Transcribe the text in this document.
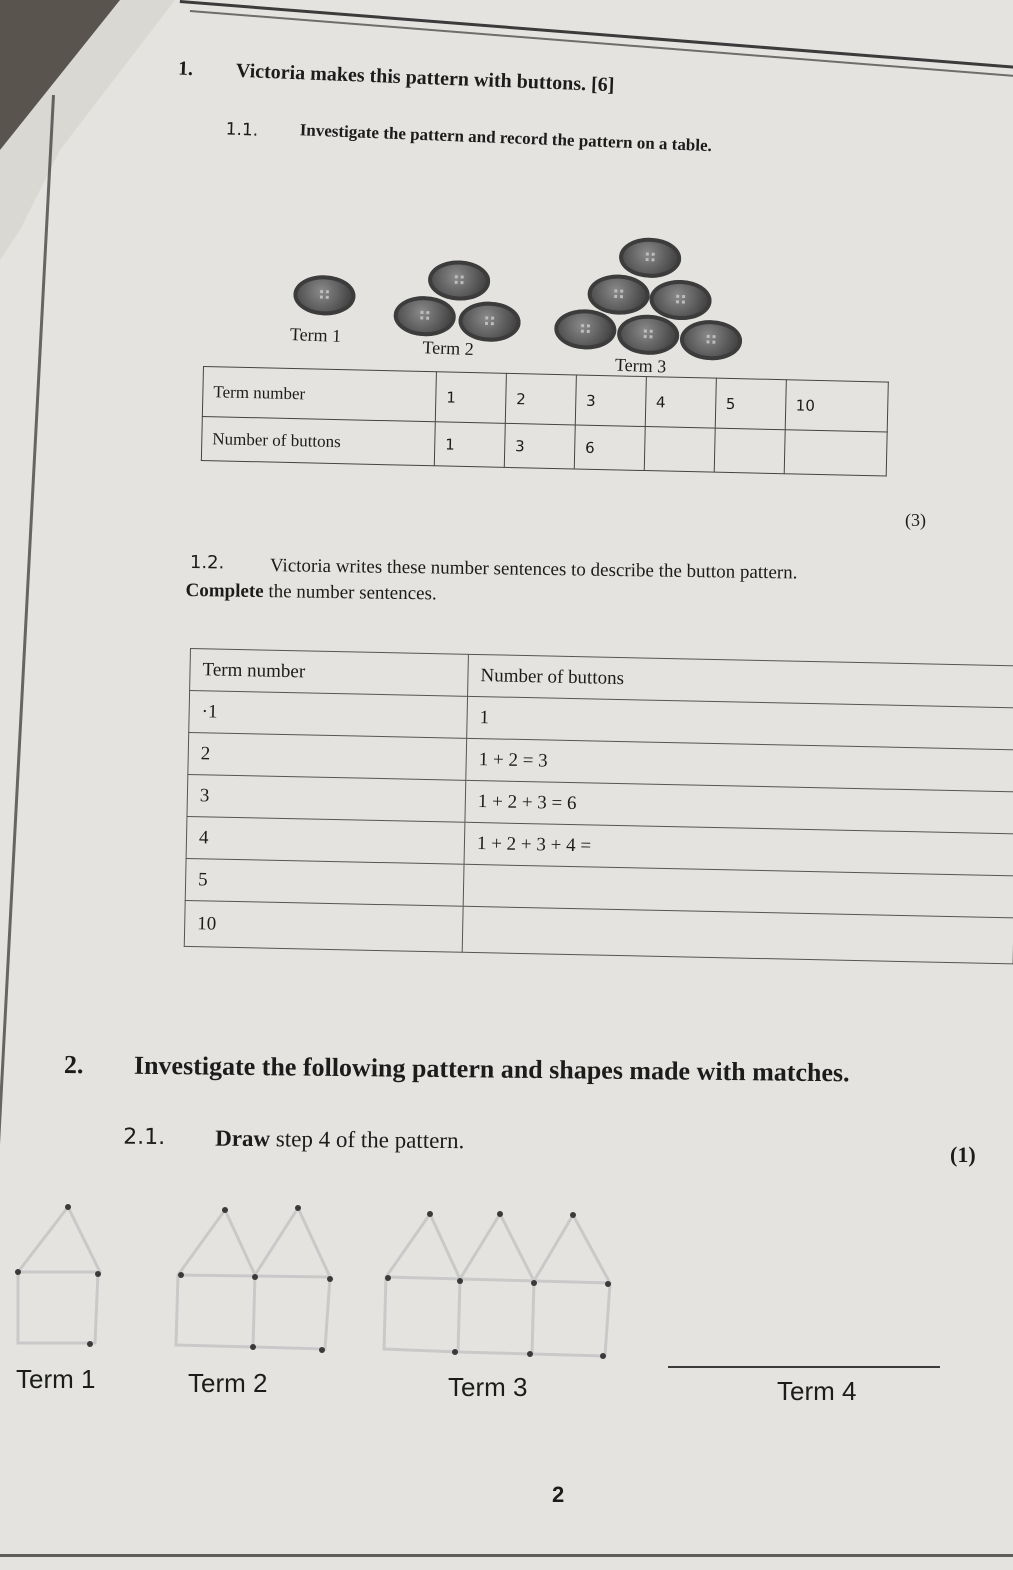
1. Victoria makes this pattern with buttons. [6]
1.1. Investigate the pattern and record the pattern on a table.
⠶
⠶
⠶
⠶
⠶
⠶
⠶
⠶
⠶
⠶
Term 1
Term 2
Term 3
Term number	1	2	3	4	5	10
Number of buttons	1	3	6			
(3)
1.2. Victoria writes these number sentences to describe the button pattern.
Complete the number sentences.
Term number	Number of buttons
·1	1
2	1 + 2 = 3
3	1 + 2 + 3 = 6
4	1 + 2 + 3 + 4 =
5	
10	
2. Investigate the following pattern and shapes made with matches.
2.1. Draw step 4 of the pattern.
(1)
Term 1	Term 2	Term 3	Term 4
2
